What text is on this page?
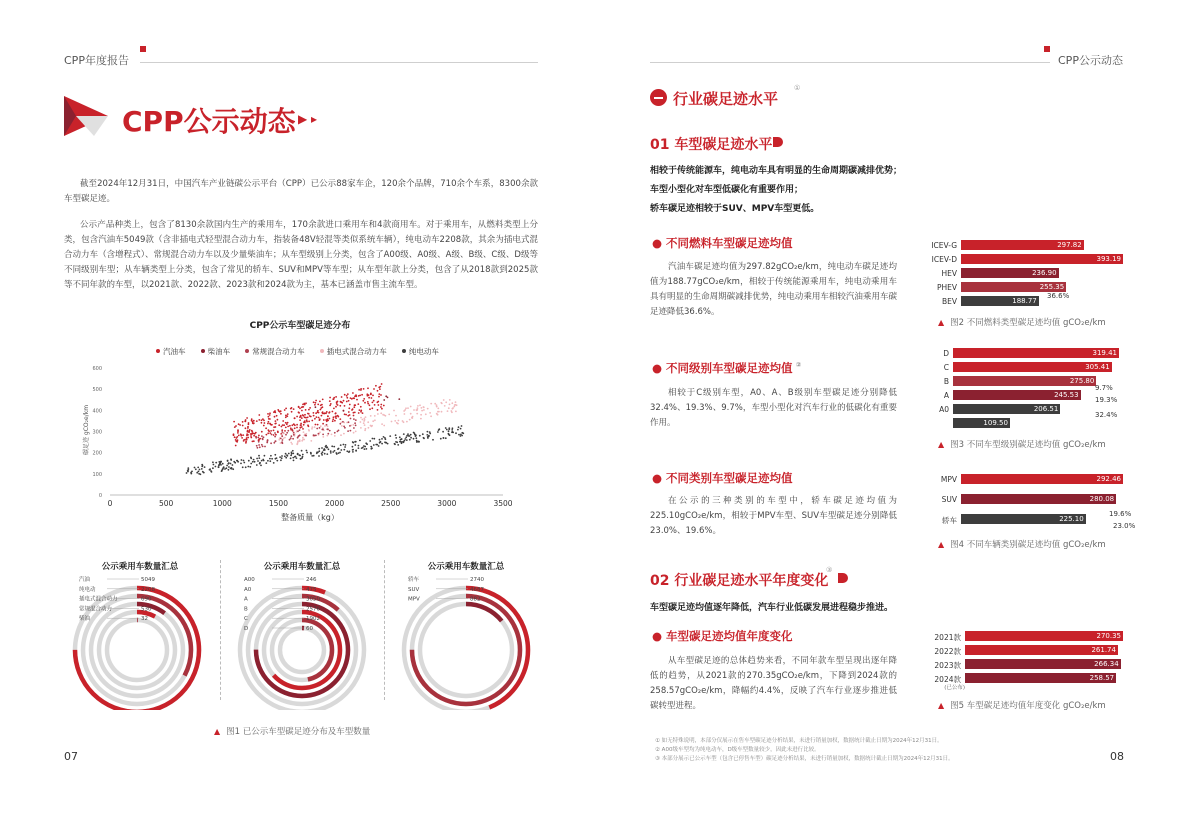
CPP年度报告
CPP公示动态 ▶ ▸
截至2024年12月31日，中国汽车产业链碳公示平台（CPP）已公示88家车企，120余个品牌，710余个车系，8300余款车型碳足迹。
公示产品种类上，包含了8130余款国内生产的乘用车，170余款进口乘用车和4款商用车。对于乘用车，从燃料类型上分类，包含汽油车5049款（含非插电式轻型混合动力车，指装备48V轻混等类似系统车辆），纯电动车2208款，其余为插电式混合动力车（含增程式）、常规混合动力车以及少量柴油车；从车型级别上分类，包含了A00级、A0级、A级、B级、C级、D级等不同级别车型；从车辆类型上分类，包含了常见的轿车、SUV和MPV等车型；从车型年款上分类，包含了从2018款到2025款等不同年款的车型，以2021款、2022款、2023款和2024款为主，基本已涵盖市售主流车型。
CPP公示车型碳足迹分布
汽油车
	柴油车
	常规混合动力车
	插电式混合动力车
	纯电动车
0
100
200
300
400
500
600
0	500	1000	1500	2000	2500	3000	3500
碳足迹 gCO₂e/km
整备质量（kg）
公示乘用车数量汇总	公示乘用车数量汇总	公示乘用车数量汇总
汽油	5049
纯电动	2208
插电式混合动力	690
常规混合动力	530
柴油	32
A00	246
A0	475
A	3050
B	2576
C	1902
D	60
轿车	2740
SUV	4687
MPV	882
▲ 图1 已公示车型碳足迹分布及车型数量
07
CPP公示动态
行业碳足迹水平
①
01 车型碳足迹水平
相较于传统能源车，纯电动车具有明显的生命周期碳减排优势；
车型小型化对车型低碳化有重要作用；
轿车碳足迹相较于SUV、MPV车型更低。
● 不同燃料车型碳足迹均值
汽油车碳足迹均值为297.82gCO₂e/km，纯电动车碳足迹均值为188.77gCO₂e/km，相较于传统能源乘用车，纯电动乘用车具有明显的生命周期碳减排优势，纯电动乘用车相较汽油乘用车碳足迹降低36.6%。
ICEV-G	297.82
ICEV-D	393.19
HEV	236.90
PHEV	255.35
BEV	188.77
36.6%
▲ 图2 不同燃料类型碳足迹均值 gCO₂e/km
● 不同级别车型碳足迹均值 ②
相较于C级别车型，A0、A、B级别车型碳足迹分别降低32.4%、19.3%、9.7%，车型小型化对汽车行业的低碳化有重要作用。
D	319.41
C	305.41
B	275.80
A	245.53
A0	206.51
109.50
9.7%
19.3%
32.4%
▲ 图3 不同车型级别碳足迹均值 gCO₂e/km
● 不同类别车型碳足迹均值
在公示的三种类别的车型中，轿车碳足迹均值为225.10gCO₂e/km，相较于MPV车型、SUV车型碳足迹分别降低23.0%、19.6%。
MPV	292.46
SUV	280.08
轿车	225.10
19.6%
23.0%
▲ 图4 不同车辆类别碳足迹均值 gCO₂e/km
02 行业碳足迹水平年度变化
③
车型碳足迹均值逐年降低，汽车行业低碳发展进程稳步推进。
● 车型碳足迹均值年度变化
从车型碳足迹的总体趋势来看，不同年款车型呈现出逐年降低的趋势，从2021款的270.35gCO₂e/km，下降到2024款的258.57gCO₂e/km，降幅约4.4%，反映了汽车行业逐步推进低碳转型进程。
2021款	270.35
2022款	261.74
2023款	266.34
2024款	258.57
(已公布)
▲ 图5 车型碳足迹均值年度变化 gCO₂e/km
① 如无特殊说明，本部分仅展示在售车型碳足迹分析结果，未进行销量加权，数据统计截止日期为2024年12月31日。
② A00级车型均为纯电动车，D级车型数量较少，因此未进行比较。
③ 本部分展示已公示车型（包含已停售车型）碳足迹分析结果，未进行销量加权，数据统计截止日期为2024年12月31日。	08
